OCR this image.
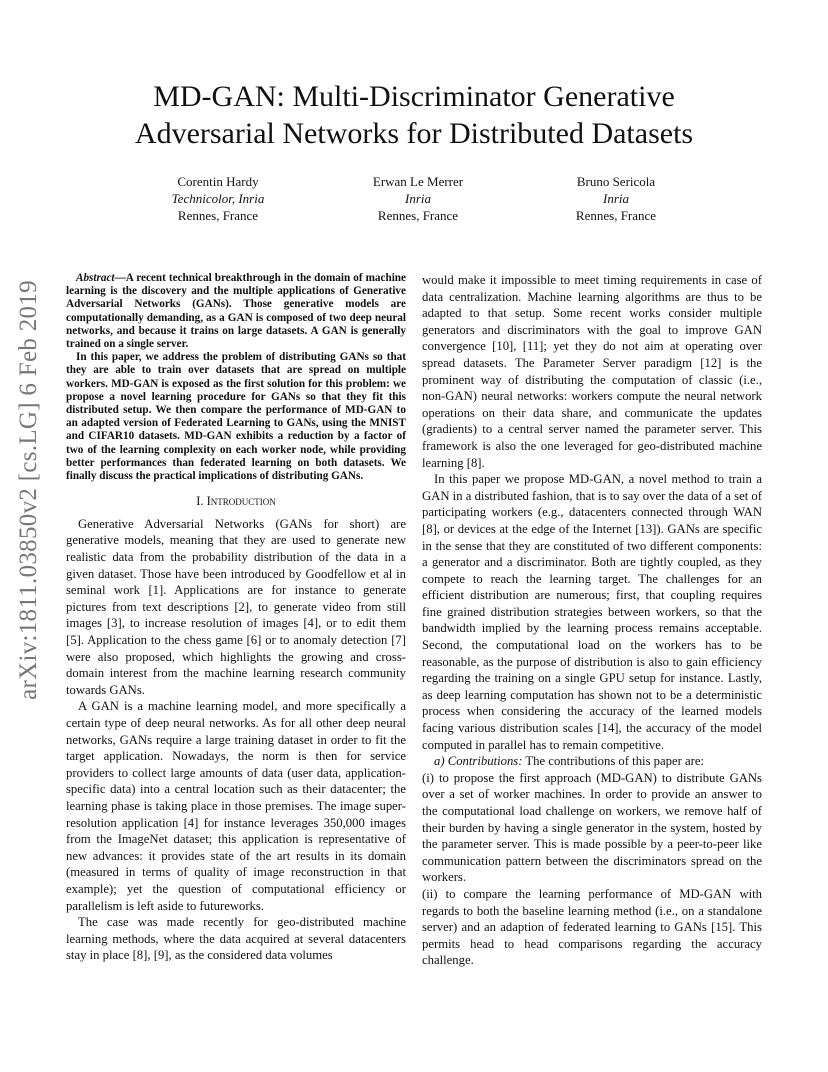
arXiv:1811.03850v2 [cs.LG] 6 Feb 2019
MD-GAN: Multi-Discriminator Generative
Adversarial Networks for Distributed Datasets
Corentin Hardy
Technicolor, Inria
Rennes, France
Erwan Le Merrer
Inria
Rennes, France
Bruno Sericola
Inria
Rennes, France

Abstract—A recent technical breakthrough in the domain of machine learning is the discovery and the multiple applications of Generative Adversarial Networks (GANs). Those generative models are computationally demanding, as a GAN is composed of two deep neural networks, and because it trains on large datasets. A GAN is generally trained on a single server.

In this paper, we address the problem of distributing GANs so that they are able to train over datasets that are spread on multiple workers. MD-GAN is exposed as the first solution for this problem: we propose a novel learning procedure for GANs so that they fit this distributed setup. We then compare the performance of MD-GAN to an adapted version of Federated Learning to GANs, using the MNIST and CIFAR10 datasets. MD-GAN exhibits a reduction by a factor of two of the learning complexity on each worker node, while providing better performances than federated learning on both datasets. We finally discuss the practical implications of distributing GANs.

I. Introduction

Generative Adversarial Networks (GANs for short) are generative models, meaning that they are used to generate new realistic data from the probability distribution of the data in a given dataset. Those have been introduced by Goodfellow et al in seminal work [1]. Applications are for instance to generate pictures from text descriptions [2], to generate video from still images [3], to increase resolution of images [4], or to edit them [5]. Application to the chess game [6] or to anomaly detection [7] were also proposed, which highlights the growing and cross-domain interest from the machine learning research community towards GANs.

A GAN is a machine learning model, and more specifically a certain type of deep neural networks. As for all other deep neural networks, GANs require a large training dataset in order to fit the target application. Nowadays, the norm is then for service providers to collect large amounts of data (user data, application-specific data) into a central location such as their datacenter; the learning phase is taking place in those premises. The image super-resolution application [4] for instance leverages 350,000 images from the ImageNet dataset; this application is representative of new advances: it provides state of the art results in its domain (measured in terms of quality of image reconstruction in that example); yet the question of computational efficiency or parallelism is left aside to futureworks.

The case was made recently for geo-distributed machine learning methods, where the data acquired at several datacenters stay in place [8], [9], as the considered data volumes

would make it impossible to meet timing requirements in case of data centralization. Machine learning algorithms are thus to be adapted to that setup. Some recent works consider multiple generators and discriminators with the goal to improve GAN convergence [10], [11]; yet they do not aim at operating over spread datasets. The Parameter Server paradigm [12] is the prominent way of distributing the computation of classic (i.e., non-GAN) neural networks: workers compute the neural network operations on their data share, and communicate the updates (gradients) to a central server named the parameter server. This framework is also the one leveraged for geo-distributed machine learning [8].

In this paper we propose MD-GAN, a novel method to train a GAN in a distributed fashion, that is to say over the data of a set of participating workers (e.g., datacenters connected through WAN [8], or devices at the edge of the Internet [13]). GANs are specific in the sense that they are constituted of two different components: a generator and a discriminator. Both are tightly coupled, as they compete to reach the learning target. The challenges for an efficient distribution are numerous; first, that coupling requires fine grained distribution strategies between workers, so that the bandwidth implied by the learning process remains acceptable. Second, the computational load on the workers has to be reasonable, as the purpose of distribution is also to gain efficiency regarding the training on a single GPU setup for instance. Lastly, as deep learning computation has shown not to be a deterministic process when considering the accuracy of the learned models facing various distribution scales [14], the accuracy of the model computed in parallel has to remain competitive.

a) Contributions: The contributions of this paper are:

(i) to propose the first approach (MD-GAN) to distribute GANs over a set of worker machines. In order to provide an answer to the computational load challenge on workers, we remove half of their burden by having a single generator in the system, hosted by the parameter server. This is made possible by a peer-to-peer like communication pattern between the discriminators spread on the workers.

(ii) to compare the learning performance of MD-GAN with regards to both the baseline learning method (i.e., on a standalone server) and an adaption of federated learning to GANs [15]. This permits head to head comparisons regarding the accuracy challenge.
